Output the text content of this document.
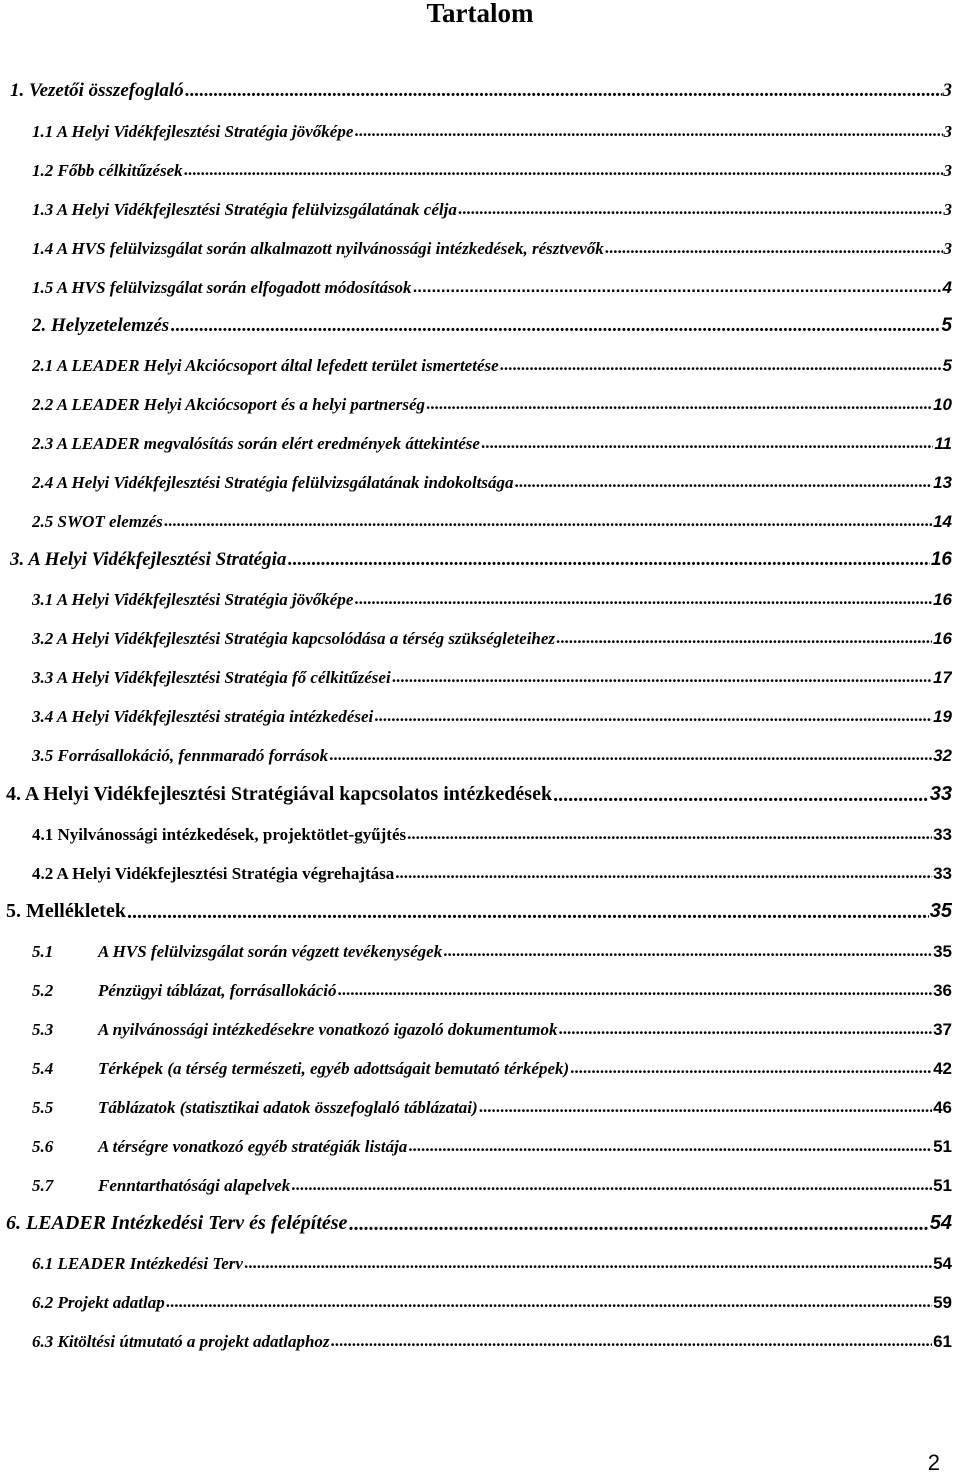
Tartalom
1. Vezetői összefoglaló .....	3
1.1 A Helyi Vidékfejlesztési Stratégia jövőképe .....	3
1.2 Főbb célkitűzések .....	3
1.3 A Helyi Vidékfejlesztési Stratégia felülvizsgálatának célja .....	3
1.4 A HVS felülvizsgálat során alkalmazott nyilvánossági intézkedések, résztvevők .....	3
1.5 A HVS felülvizsgálat során elfogadott módosítások .....	4
2. Helyzetelemzés .....	5
2.1 A LEADER Helyi Akciócsoport által lefedett terület ismertetése .....	5
2.2 A LEADER Helyi Akciócsoport és a helyi partnerség .....	10
2.3 A LEADER megvalósítás során elért eredmények áttekintése .....	11
2.4 A Helyi Vidékfejlesztési Stratégia felülvizsgálatának indokoltsága .....	13
2.5 SWOT elemzés .....	14
3. A Helyi Vidékfejlesztési Stratégia .....	16
3.1 A Helyi Vidékfejlesztési Stratégia jövőképe .....	16
3.2 A Helyi Vidékfejlesztési Stratégia kapcsolódása a térség szükségleteihez .....	16
3.3 A Helyi Vidékfejlesztési Stratégia fő célkitűzései .....	17
3.4 A Helyi Vidékfejlesztési stratégia intézkedései .....	19
3.5 Forrásallokáció, fennmaradó források .....	32
4. A Helyi Vidékfejlesztési Stratégiával kapcsolatos intézkedések .....	33
4.1 Nyilvánossági intézkedések, projektötlet-gyűjtés .....	33
4.2 A Helyi Vidékfejlesztési Stratégia végrehajtása .....	33
5. Mellékletek .....	35
5.1	A HVS felülvizsgálat során végzett tevékenységek .....	35
5.2	Pénzügyi táblázat, forrásallokáció .....	36
5.3	A nyilvánossági intézkedésekre vonatkozó igazoló dokumentumok .....	37
5.4	Térképek (a térség természeti, egyéb adottságait bemutató térképek) .....	42
5.5	Táblázatok (statisztikai adatok összefoglaló táblázatai) .....	46
5.6	A térségre vonatkozó egyéb stratégiák listája .....	51
5.7	Fenntarthatósági alapelvek .....	51
6. LEADER Intézkedési Terv és felépítése .....	54
6.1 LEADER Intézkedési Terv .....	54
6.2 Projekt adatlap .....	59
6.3 Kitöltési útmutató a projekt adatlaphoz .....	61
2
